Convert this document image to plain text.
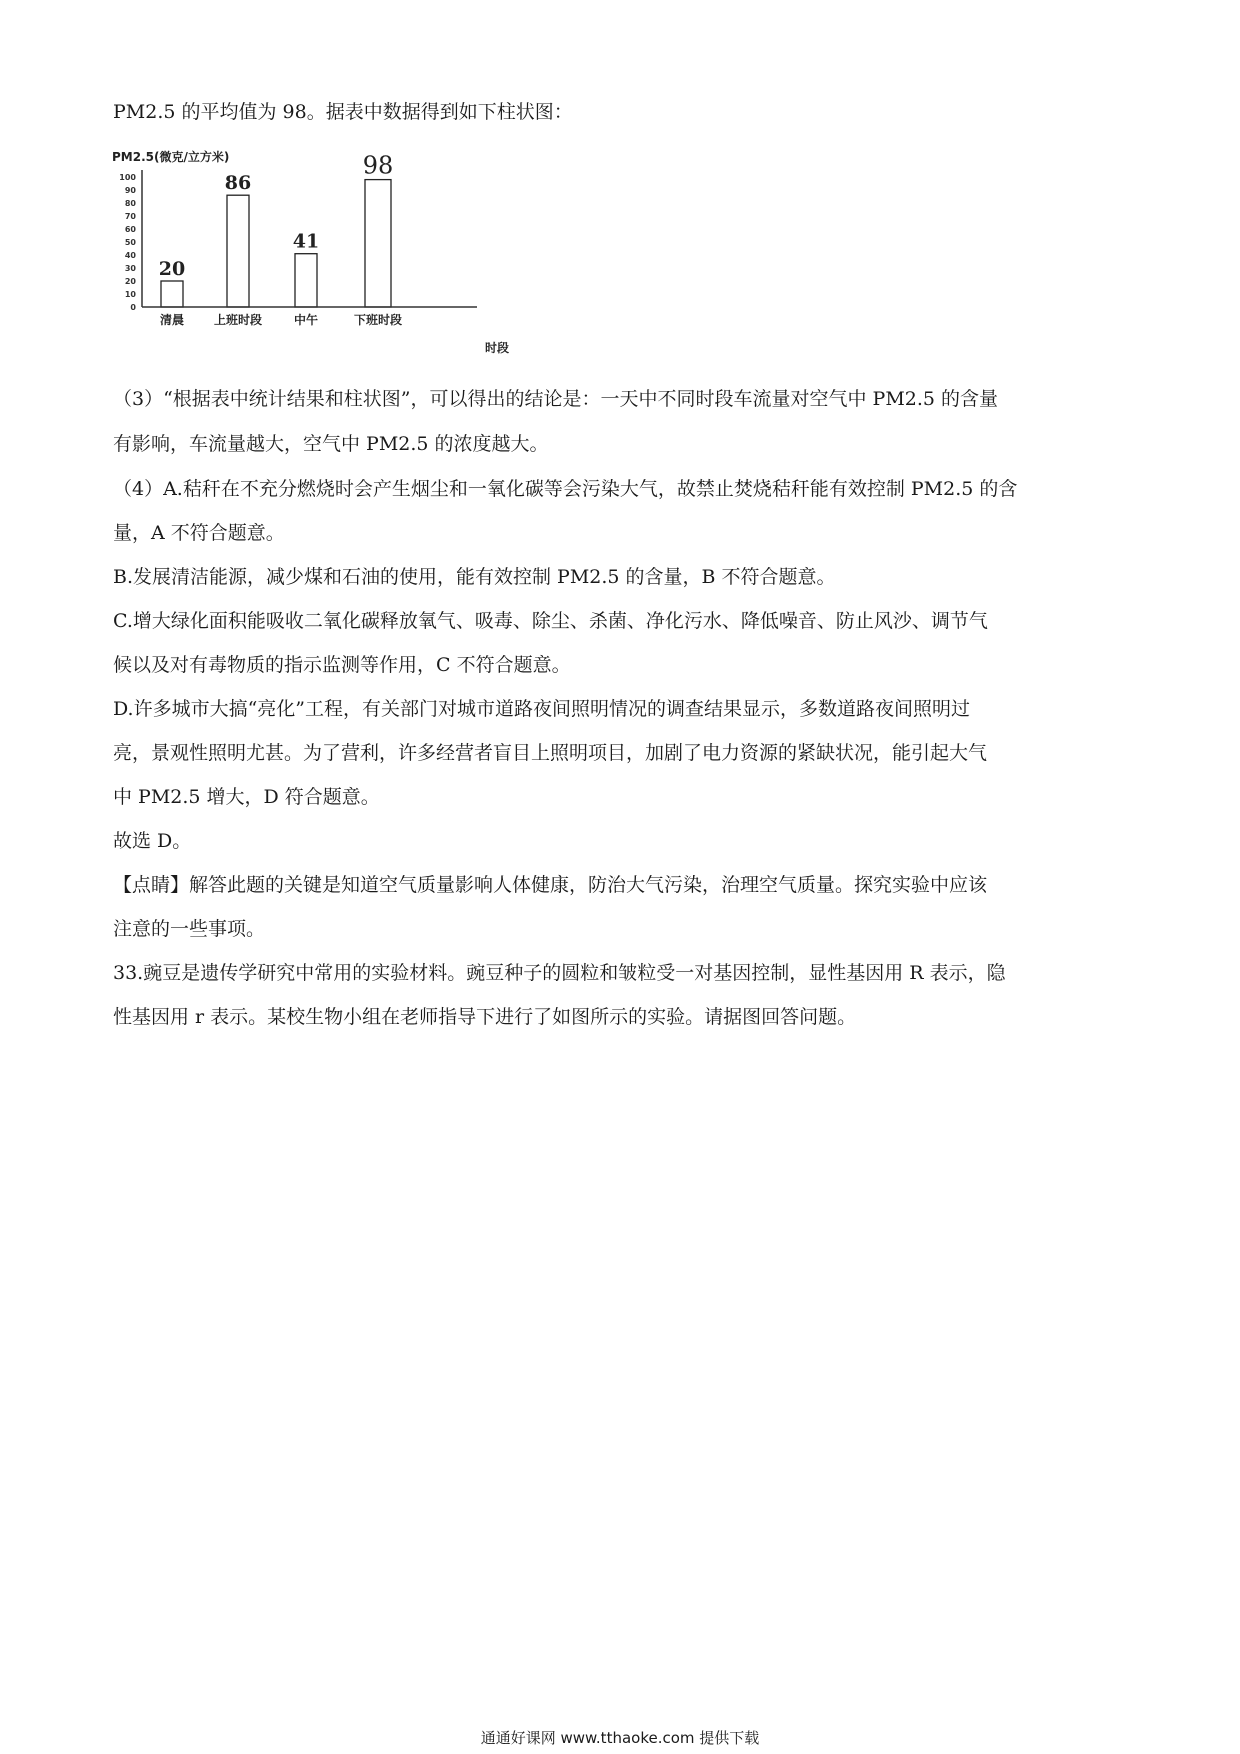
PM2.5 的平均值为 98。据表中数据得到如下柱状图：
PM2.5(微克/立方米)
时段
0
10
20
30
40
50
60
70
80
90
100
清晨 上班时段	中午	下班时段
20
86
41
98
（3）“根据表中统计结果和柱状图”，可以得出的结论是：一天中不同时段车流量对空气中 PM2.5 的含量
有影响，车流量越大，空气中 PM2.5 的浓度越大。
（4）A.秸秆在不充分燃烧时会产生烟尘和一氧化碳等会污染大气，故禁止焚烧秸秆能有效控制 PM2.5 的含
量，A 不符合题意。
B.发展清洁能源，减少煤和石油的使用，能有效控制 PM2.5 的含量，B 不符合题意。
C.增大绿化面积能吸收二氧化碳释放氧气、吸毒、除尘、杀菌、净化污水、降低噪音、防止风沙、调节气
候以及对有毒物质的指示监测等作用，C 不符合题意。
D.许多城市大搞“亮化”工程，有关部门对城市道路夜间照明情况的调查结果显示，多数道路夜间照明过
亮，景观性照明尤甚。为了营利，许多经营者盲目上照明项目，加剧了电力资源的紧缺状况，能引起大气
中 PM2.5 增大，D 符合题意。
故选 D。
【点睛】解答此题的关键是知道空气质量影响人体健康，防治大气污染，治理空气质量。探究实验中应该
注意的一些事项。
33.豌豆是遗传学研究中常用的实验材料。豌豆种子的圆粒和皱粒受一对基因控制，显性基因用 R 表示，隐
性基因用 r 表示。某校生物小组在老师指导下进行了如图所示的实验。请据图回答问题。
通通好课网 www.tthaoke.com 提供下载
